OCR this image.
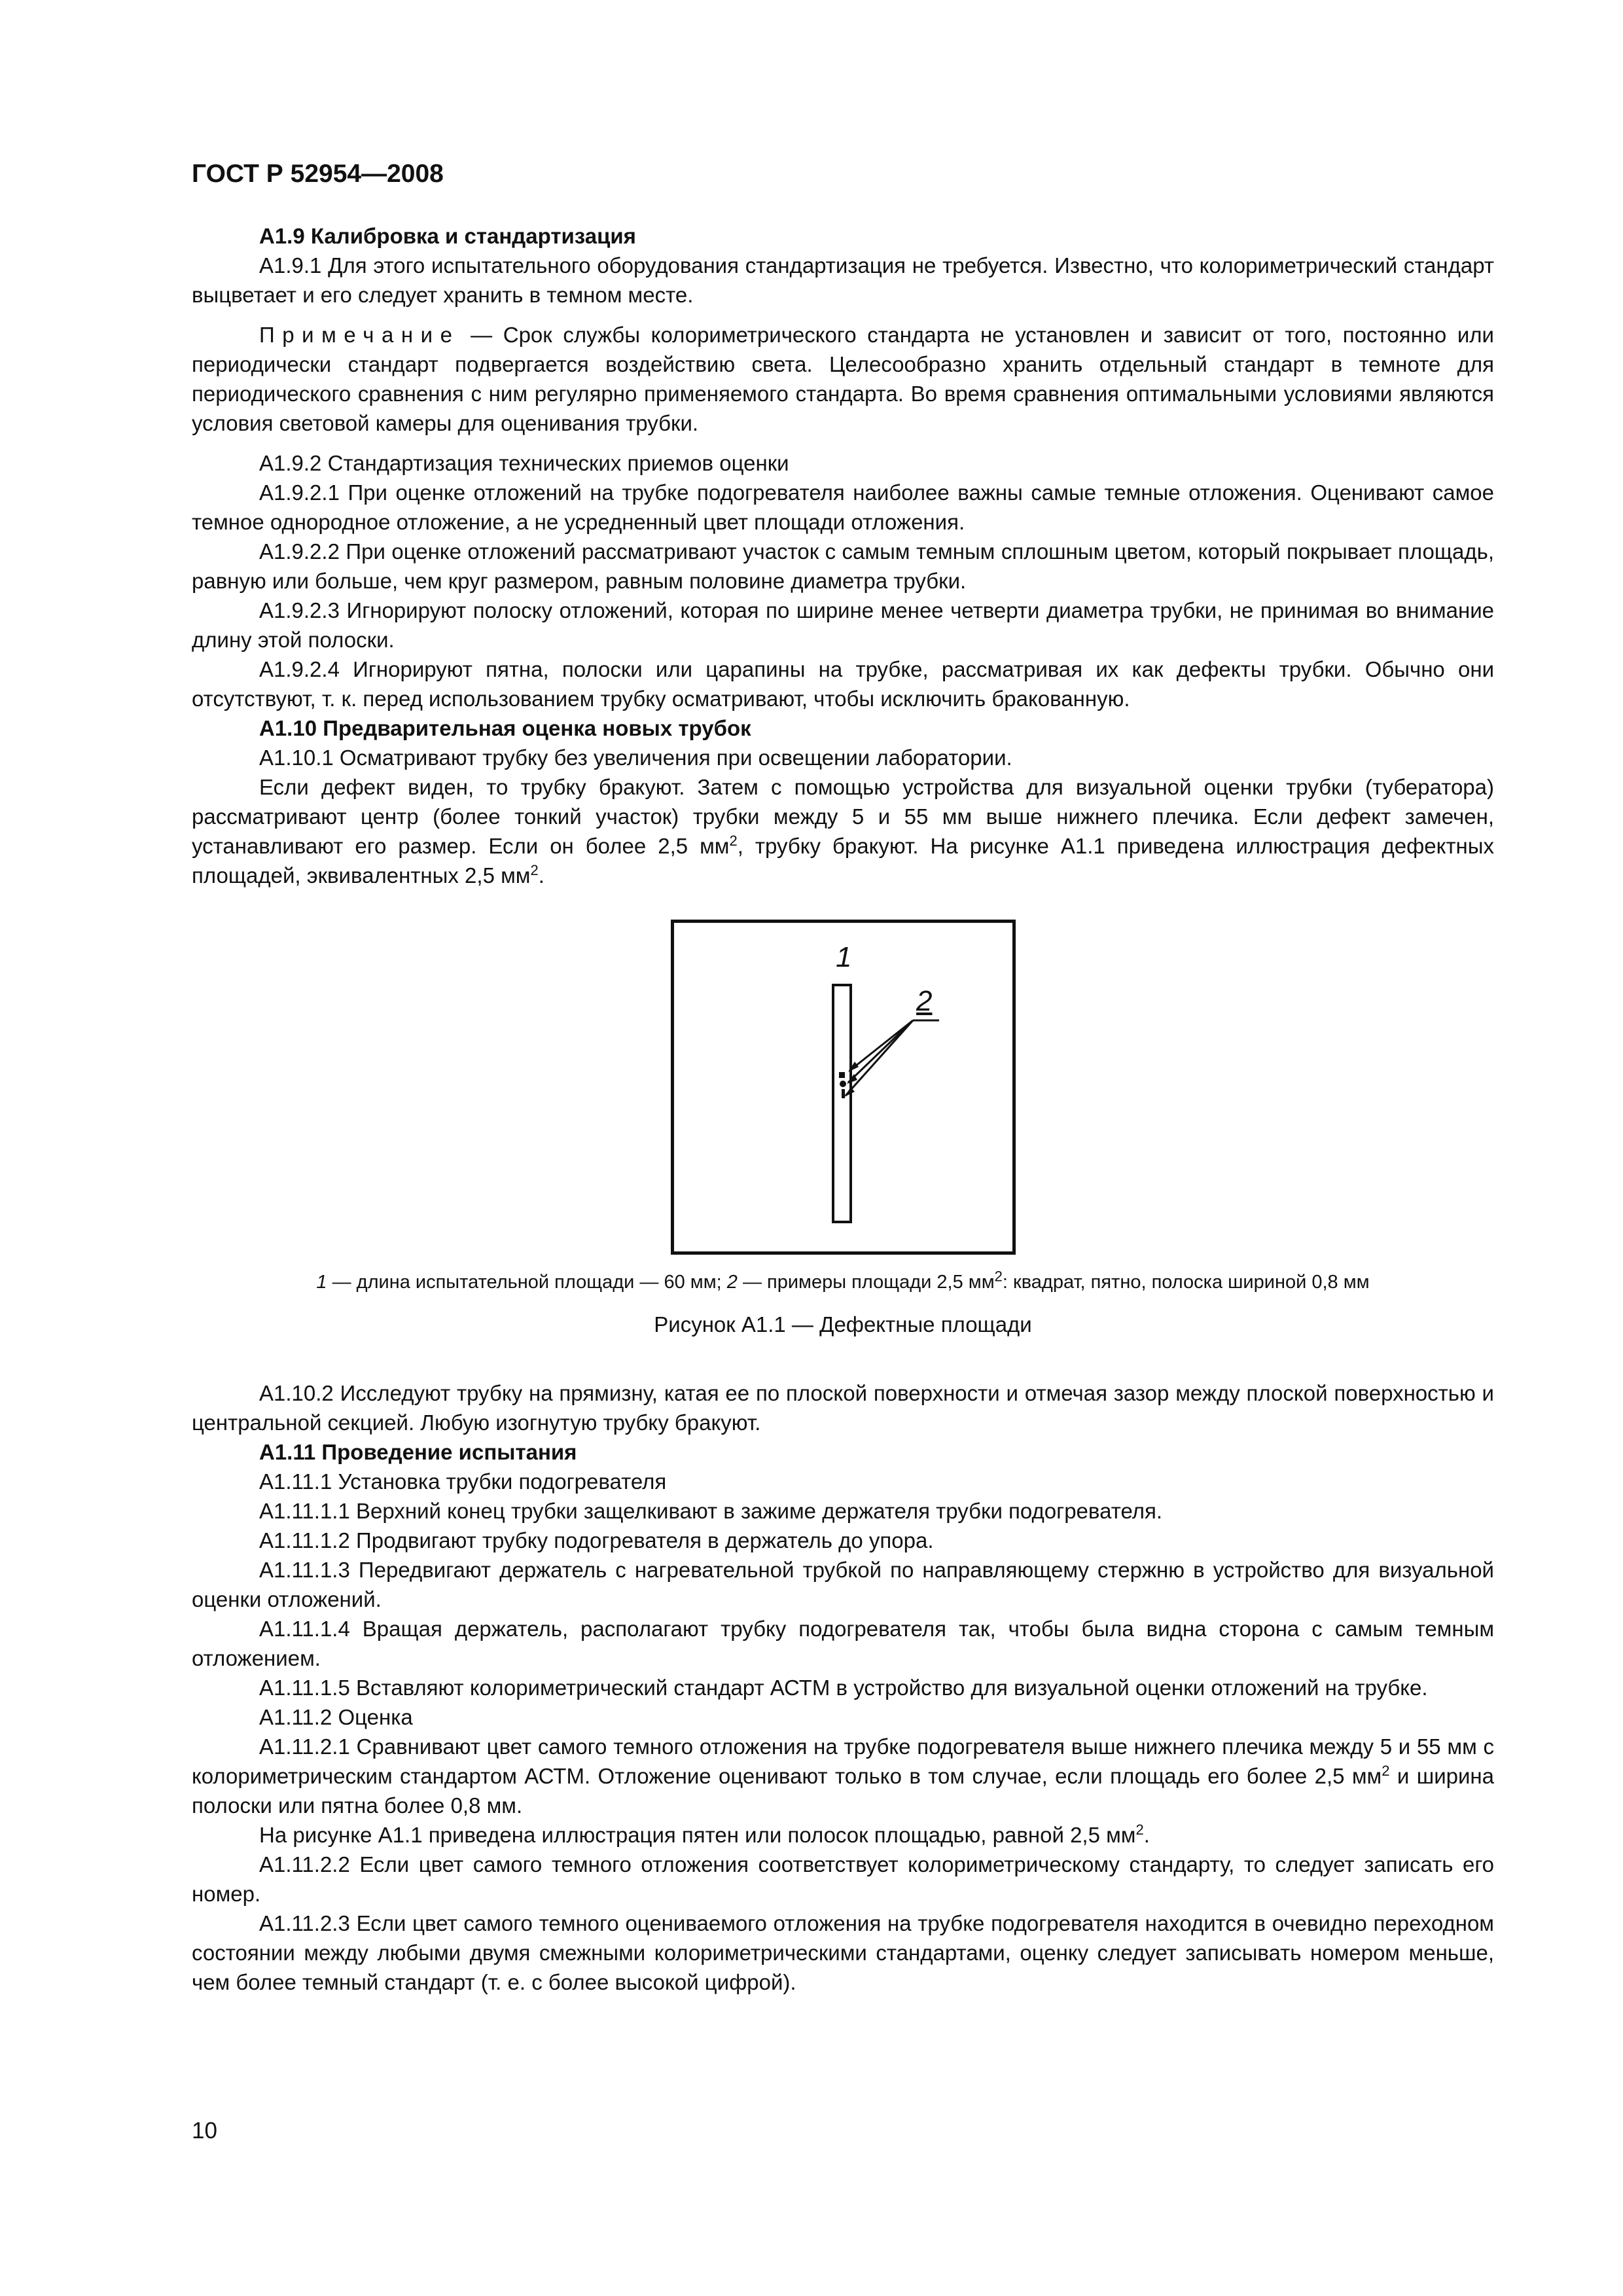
ГОСТ Р 52954—2008

А1.9 Калибровка и стандартизация

А1.9.1 Для этого испытательного оборудования стандартизация не требуется. Известно, что колориметрический стандарт выцветает и его следует хранить в темном месте.

Примечание — Срок службы колориметрического стандарта не установлен и зависит от того, постоянно или периодически стандарт подвергается воздействию света. Целесообразно хранить отдельный стандарт в темноте для периодического сравнения с ним регулярно применяемого стандарта. Во время сравнения оптимальными условиями являются условия световой камеры для оценивания трубки.

А1.9.2 Стандартизация технических приемов оценки

А1.9.2.1 При оценке отложений на трубке подогревателя наиболее важны самые темные отложения. Оценивают самое темное однородное отложение, а не усредненный цвет площади отложения.

А1.9.2.2 При оценке отложений рассматривают участок с самым темным сплошным цветом, который покрывает площадь, равную или больше, чем круг размером, равным половине диаметра трубки.

А1.9.2.3 Игнорируют полоску отложений, которая по ширине менее четверти диаметра трубки, не принимая во внимание длину этой полоски.

А1.9.2.4 Игнорируют пятна, полоски или царапины на трубке, рассматривая их как дефекты трубки. Обычно они отсутствуют, т. к. перед использованием трубку осматривают, чтобы исключить бракованную.

А1.10 Предварительная оценка новых трубок

А1.10.1 Осматривают трубку без увеличения при освещении лаборатории.

Если дефект виден, то трубку бракуют. Затем с помощью устройства для визуальной оценки трубки (тубератора) рассматривают центр (более тонкий участок) трубки между 5 и 55 мм выше нижнего плечика. Если дефект замечен, устанавливают его размер. Если он более 2,5 $мм^2$, трубку бракуют. На рисунке А1.1 приведена иллюстрация дефектных площадей, эквивалентных 2,5 $мм^2$.

1
2
1 — длина испытательной площади — 60 мм; 2 — примеры площади 2,5 $мм^2$: квадрат, пятно, полоска шириной 0,8 мм
Рисунок А1.1 — Дефектные площади

А1.10.2 Исследуют трубку на прямизну, катая ее по плоской поверхности и отмечая зазор между плоской поверхностью и центральной секцией. Любую изогнутую трубку бракуют.

А1.11 Проведение испытания

А1.11.1 Установка трубки подогревателя

А1.11.1.1 Верхний конец трубки защелкивают в зажиме держателя трубки подогревателя.

А1.11.1.2 Продвигают трубку подогревателя в держатель до упора.

А1.11.1.3 Передвигают держатель с нагревательной трубкой по направляющему стержню в устройство для визуальной оценки отложений.

А1.11.1.4 Вращая держатель, располагают трубку подогревателя так, чтобы была видна сторона с самым темным отложением.

А1.11.1.5 Вставляют колориметрический стандарт АСТМ в устройство для визуальной оценки отложений на трубке.

А1.11.2 Оценка

А1.11.2.1 Сравнивают цвет самого темного отложения на трубке подогревателя выше нижнего плечика между 5 и 55 мм с колориметрическим стандартом АСТМ. Отложение оценивают только в том случае, если площадь его более 2,5 $мм^2$ и ширина полоски или пятна более 0,8 мм.

На рисунке А1.1 приведена иллюстрация пятен или полосок площадью, равной 2,5 $мм^2$.

А1.11.2.2 Если цвет самого темного отложения соответствует колориметрическому стандарту, то следует записать его номер.

А1.11.2.3 Если цвет самого темного оцениваемого отложения на трубке подогревателя находится в очевидно переходном состоянии между любыми двумя смежными колориметрическими стандартами, оценку следует записывать номером меньше, чем более темный стандарт (т. е. с более высокой цифрой).

10
